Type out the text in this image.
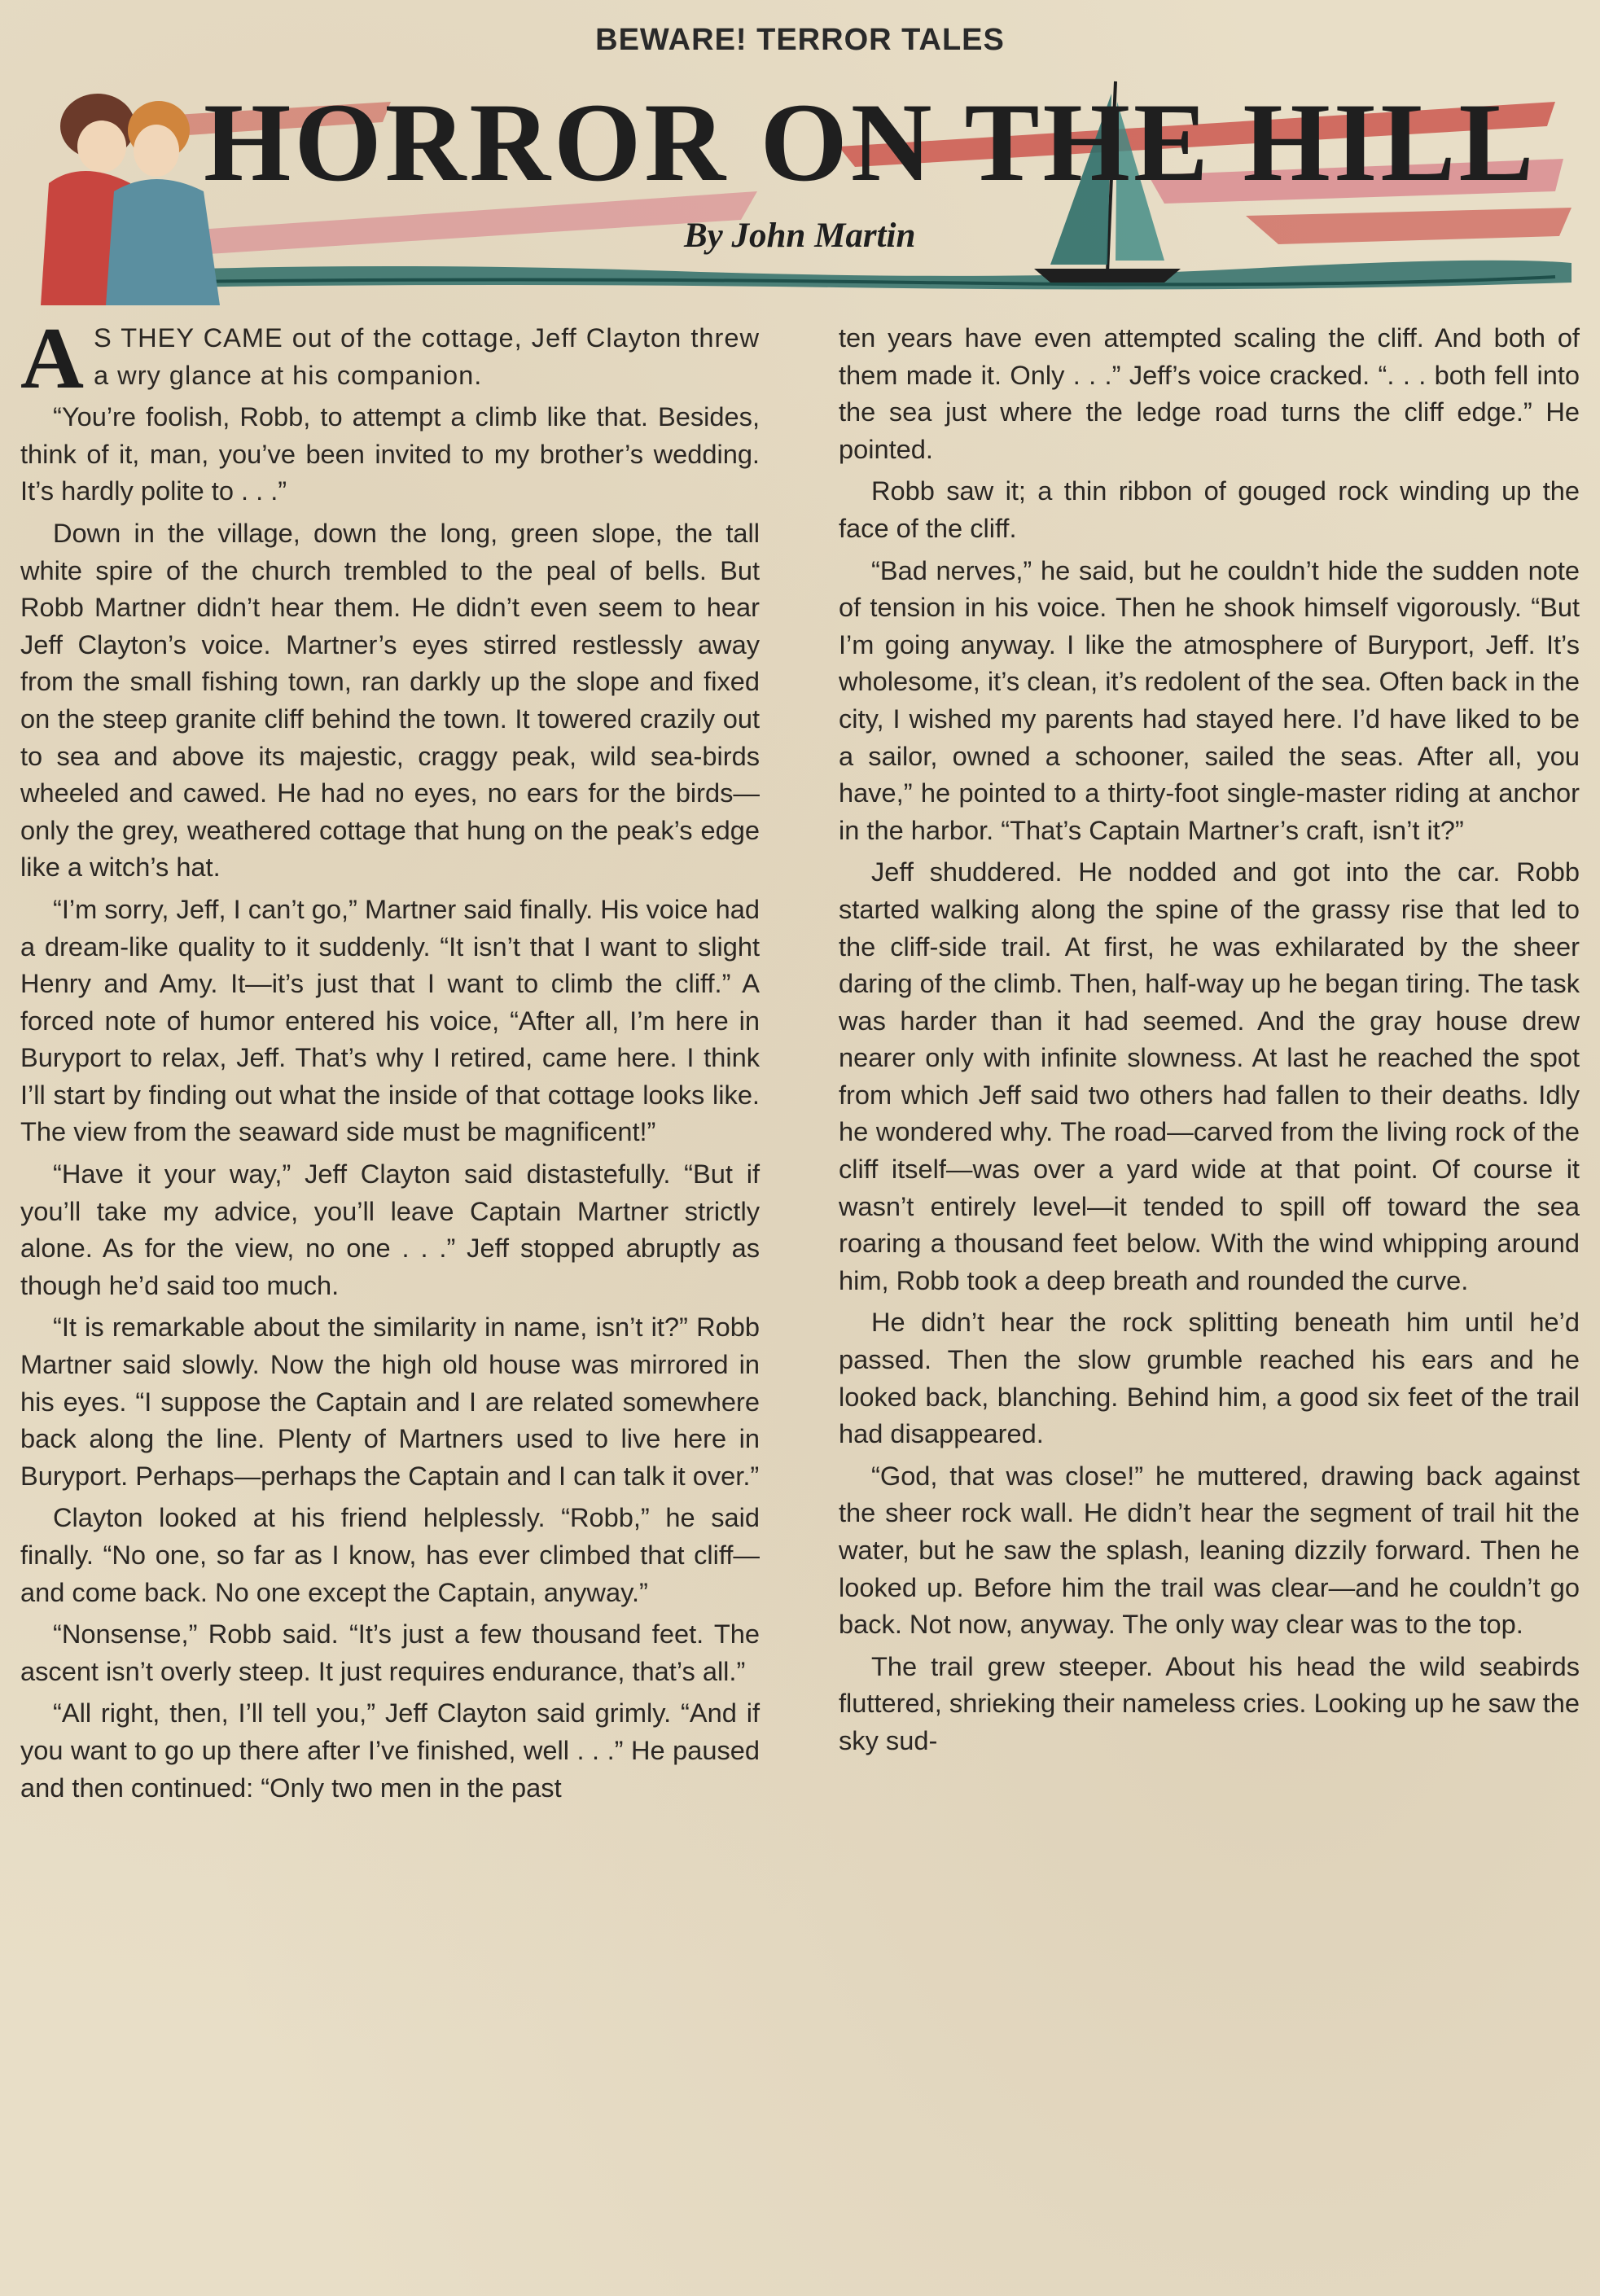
BEWARE! TERROR TALES
HORROR ON THE HILL
By John Martin

A S THEY CAME out of the cottage, Jeff Clayton threw a wry glance at his companion.

“You’re foolish, Robb, to attempt a climb like that. Besides, think of it, man, you’ve been invited to my brother’s wedding. It’s hardly polite to . . .”

Down in the village, down the long, green slope, the tall white spire of the church trembled to the peal of bells. But Robb Martner didn’t hear them. He didn’t even seem to hear Jeff Clayton’s voice. Martner’s eyes stirred restlessly away from the small fishing town, ran darkly up the slope and fixed on the steep granite cliff behind the town. It towered crazily out to sea and above its majestic, craggy peak, wild sea-birds wheeled and cawed. He had no eyes, no ears for the birds—only the grey, weathered cottage that hung on the peak’s edge like a witch’s hat.

“I’m sorry, Jeff, I can’t go,” Martner said finally. His voice had a dream-like quality to it suddenly. “It isn’t that I want to slight Henry and Amy. It—it’s just that I want to climb the cliff.” A forced note of humor entered his voice, “After all, I’m here in Buryport to relax, Jeff. That’s why I retired, came here. I think I’ll start by finding out what the inside of that cottage looks like. The view from the seaward side must be magnificent!”

“Have it your way,” Jeff Clayton said distastefully. “But if you’ll take my advice, you’ll leave Captain Martner strictly alone. As for the view, no one . . .” Jeff stopped abruptly as though he’d said too much.

“It is remarkable about the similarity in name, isn’t it?” Robb Martner said slowly. Now the high old house was mirrored in his eyes. “I suppose the Captain and I are related somewhere back along the line. Plenty of Martners used to live here in Buryport. Perhaps—perhaps the Captain and I can talk it over.”

Clayton looked at his friend helplessly. “Robb,” he said finally. “No one, so far as I know, has ever climbed that cliff—and come back. No one except the Captain, anyway.”

“Nonsense,” Robb said. “It’s just a few thousand feet. The ascent isn’t overly steep. It just requires endurance, that’s all.”

“All right, then, I’ll tell you,” Jeff Clayton said grimly. “And if you want to go up there after I’ve finished, well . . .” He paused and then continued: “Only two men in the past

ten years have even attempted scaling the cliff. And both of them made it. Only . . .” Jeff’s voice cracked. “. . . both fell into the sea just where the ledge road turns the cliff edge.” He pointed.

Robb saw it; a thin ribbon of gouged rock winding up the face of the cliff.

“Bad nerves,” he said, but he couldn’t hide the sudden note of tension in his voice. Then he shook himself vigorously. “But I’m going anyway. I like the atmosphere of Buryport, Jeff. It’s wholesome, it’s clean, it’s redolent of the sea. Often back in the city, I wished my parents had stayed here. I’d have liked to be a sailor, owned a schooner, sailed the seas. After all, you have,” he pointed to a thirty-foot single-master riding at anchor in the harbor. “That’s Captain Martner’s craft, isn’t it?”

Jeff shuddered. He nodded and got into the car. Robb started walking along the spine of the grassy rise that led to the cliff-side trail. At first, he was exhilarated by the sheer daring of the climb. Then, half-way up he began tiring. The task was harder than it had seemed. And the gray house drew nearer only with infinite slowness. At last he reached the spot from which Jeff said two others had fallen to their deaths. Idly he wondered why. The road—carved from the living rock of the cliff itself—was over a yard wide at that point. Of course it wasn’t entirely level—it tended to spill off toward the sea roaring a thousand feet below. With the wind whipping around him, Robb took a deep breath and rounded the curve.

He didn’t hear the rock splitting beneath him until he’d passed. Then the slow grumble reached his ears and he looked back, blanching. Behind him, a good six feet of the trail had disappeared.

“God, that was close!” he muttered, drawing back against the sheer rock wall. He didn’t hear the segment of trail hit the water, but he saw the splash, leaning dizzily forward. Then he looked up. Before him the trail was clear—and he couldn’t go back. Not now, anyway. The only way clear was to the top.

The trail grew steeper. About his head the wild seabirds fluttered, shrieking their nameless cries. Looking up he saw the sky sud-
